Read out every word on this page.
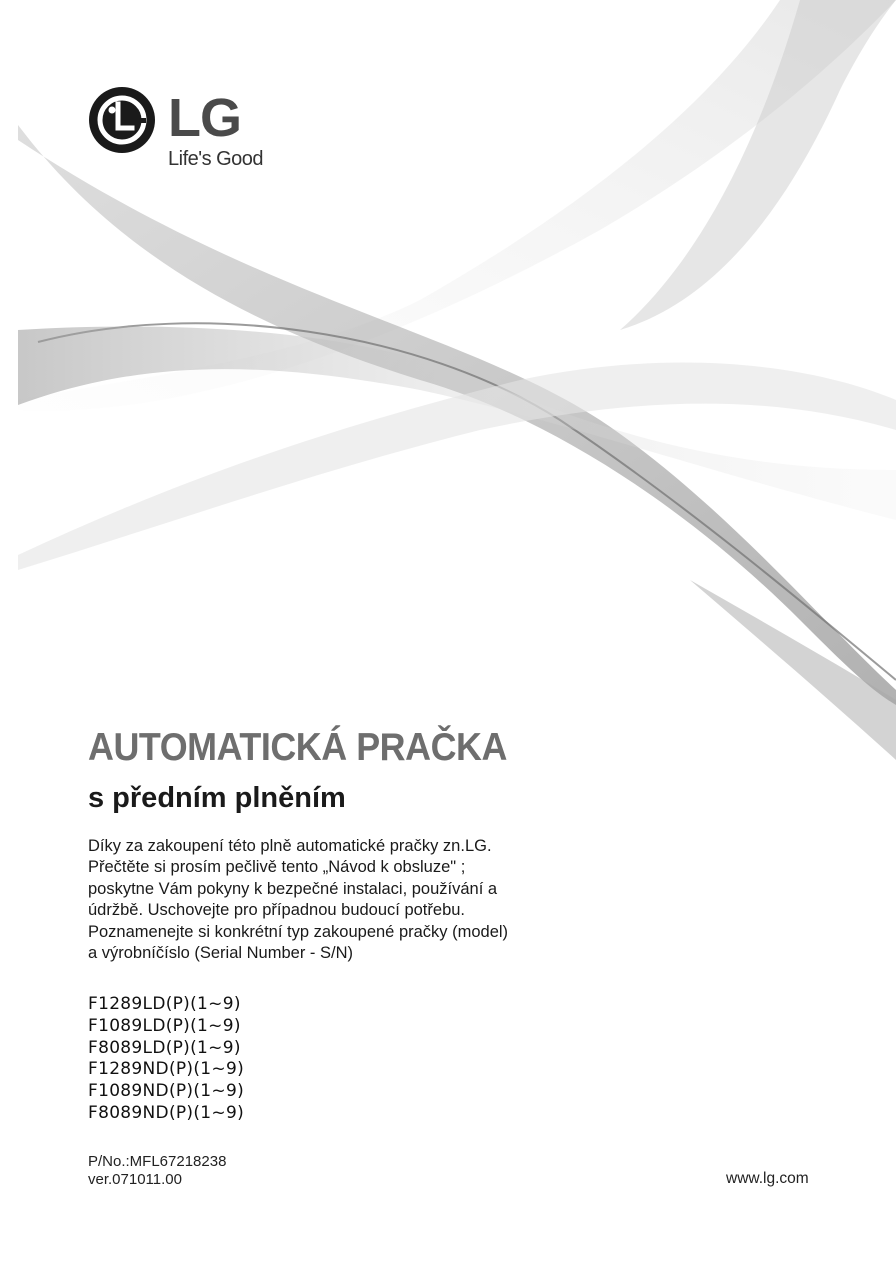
LG
Life's Good
AUTOMATICKÁ PRAČKA
s předním plněním
Díky za zakoupení této plně automatické pračky zn.LG.
Přečtěte si prosím pečlivě tento „Návod k obsluze" ;
poskytne Vám pokyny k bezpečné instalaci, používání a
údržbě. Uschovejte pro případnou budoucí potřebu.
Poznamenejte si konkrétní typ zakoupené pračky (model)
a výrobníčíslo (Serial Number - S/N)
F1289LD(P)(1~9)
F1089LD(P)(1~9)
F8089LD(P)(1~9)
F1289ND(P)(1~9)
F1089ND(P)(1~9)
F8089ND(P)(1~9)
P/No.:MFL67218238
ver.071011.00	www.lg.com
